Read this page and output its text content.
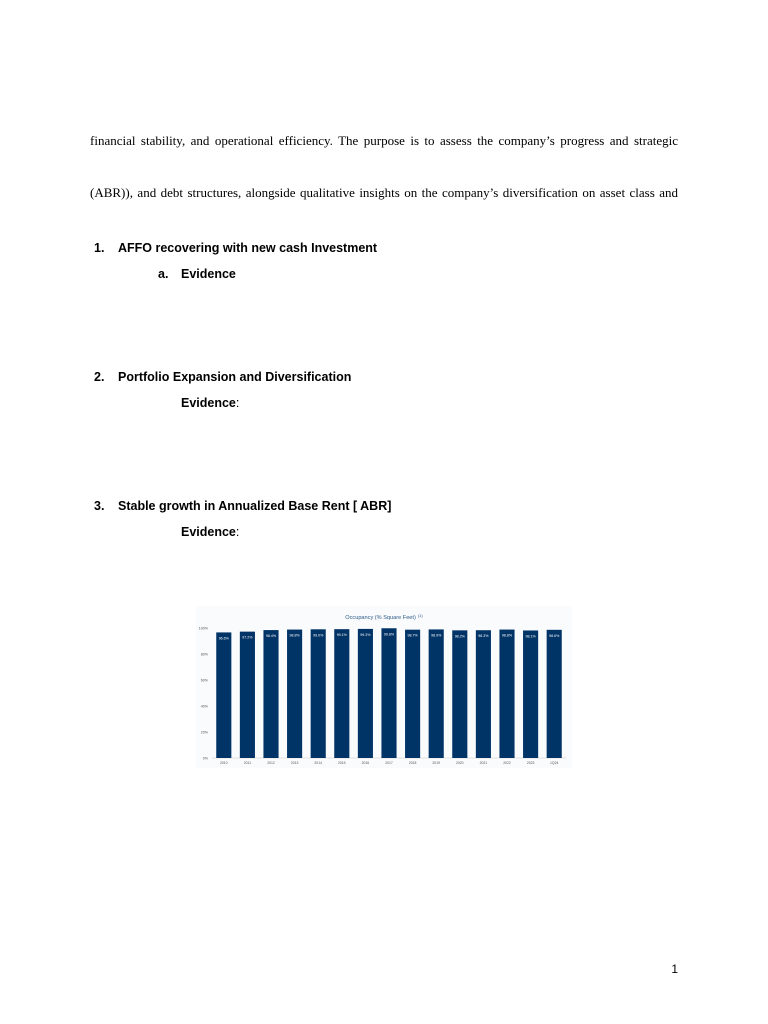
financial stability, and operational efficiency. The purpose is to assess the company’s progress and strategic
(ABR)), and debt structures, alongside qualitative insights on the company’s diversification on asset class and
1. AFFO recovering with new cash Investment
a. Evidence
2. Portfolio Expansion and Diversification
Evidence:
3. Stable growth in Annualized Base Rent [ ABR]
Evidence:
Occupancy (% Square Feet) $^{(1)}$
0%
20%
40%
60%
80%
100%
96.6%
2010
97.2%
2011
98.4%
2012
98.8%
2013
99.0%
2014
99.1%
2015
99.3%
2016
99.8%
2017
98.7%
2018
98.9%
2019
98.2%
2020
98.3%
2021
98.8%
2022
98.1%
2023
98.6%
1Q24
1
